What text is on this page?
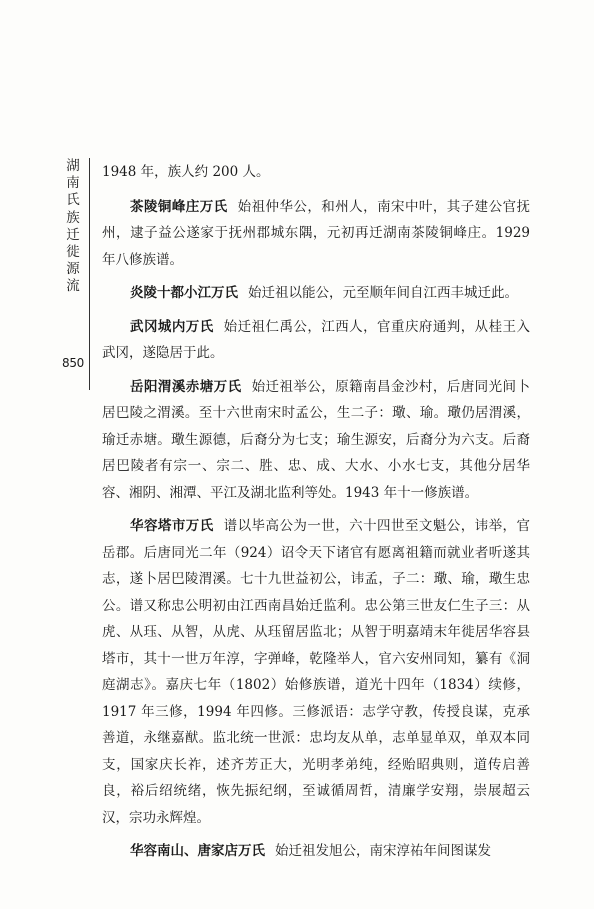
湖南氏族迁徙源流
850

1948 年，族人约 200 人。

茶陵铜峰庄万氏 始祖仲华公，和州人，南宋中叶，其子建公官抚州，逮子益公遂家于抚州郡城东隅，元初再迁湖南茶陵铜峰庄。1929 年八修族谱。

炎陵十都小江万氏 始迁祖以能公，元至顺年间自江西丰城迁此。

武冈城内万氏 始迁祖仁禹公，江西人，官重庆府通判，从桂王入武冈，遂隐居于此。

岳阳渭溪赤塘万氏 始迁祖举公，原籍南昌金沙村，后唐同光间卜居巴陵之渭溪。至十六世南宋时孟公，生二子：璥、瑜。璥仍居渭溪，瑜迁赤塘。璥生源德，后裔分为七支；瑜生源安，后裔分为六支。后裔居巴陵者有宗一、宗二、胜、忠、成、大水、小水七支，其他分居华容、湘阴、湘潭、平江及湖北监利等处。1943 年十一修族谱。

华容塔市万氏 谱以毕高公为一世，六十四世至文魁公，讳举，官岳郡。后唐同光二年（924）诏令天下诸官有愿离祖籍而就业者听遂其志，遂卜居巴陵渭溪。七十九世益初公，讳孟，子二：璥、瑜，璥生忠公。谱又称忠公明初由江西南昌始迁监利。忠公第三世友仁生子三：从虎、从珏、从智，从虎、从珏留居监北；从智于明嘉靖末年徙居华容县塔市，其十一世万年淳，字弹峰，乾隆举人，官六安州同知，纂有《洞庭湖志》。嘉庆七年（1802）始修族谱，道光十四年（1834）续修，1917 年三修，1994 年四修。三修派语：志学守教，传授良谋，克承善道，永继嘉猷。监北统一世派：忠均友从单，志单显单双，单双本同支，国家庆长祚，述齐芳正大，光明孝弟纯，经贻昭典则，道传启善良，裕后绍统绪，恢先振纪纲，至诚循周哲，清廉学安翔，崇展超云汉，宗功永辉煌。

华容南山、唐家店万氏 始迁祖发旭公，南宋淳祐年间图谋发
